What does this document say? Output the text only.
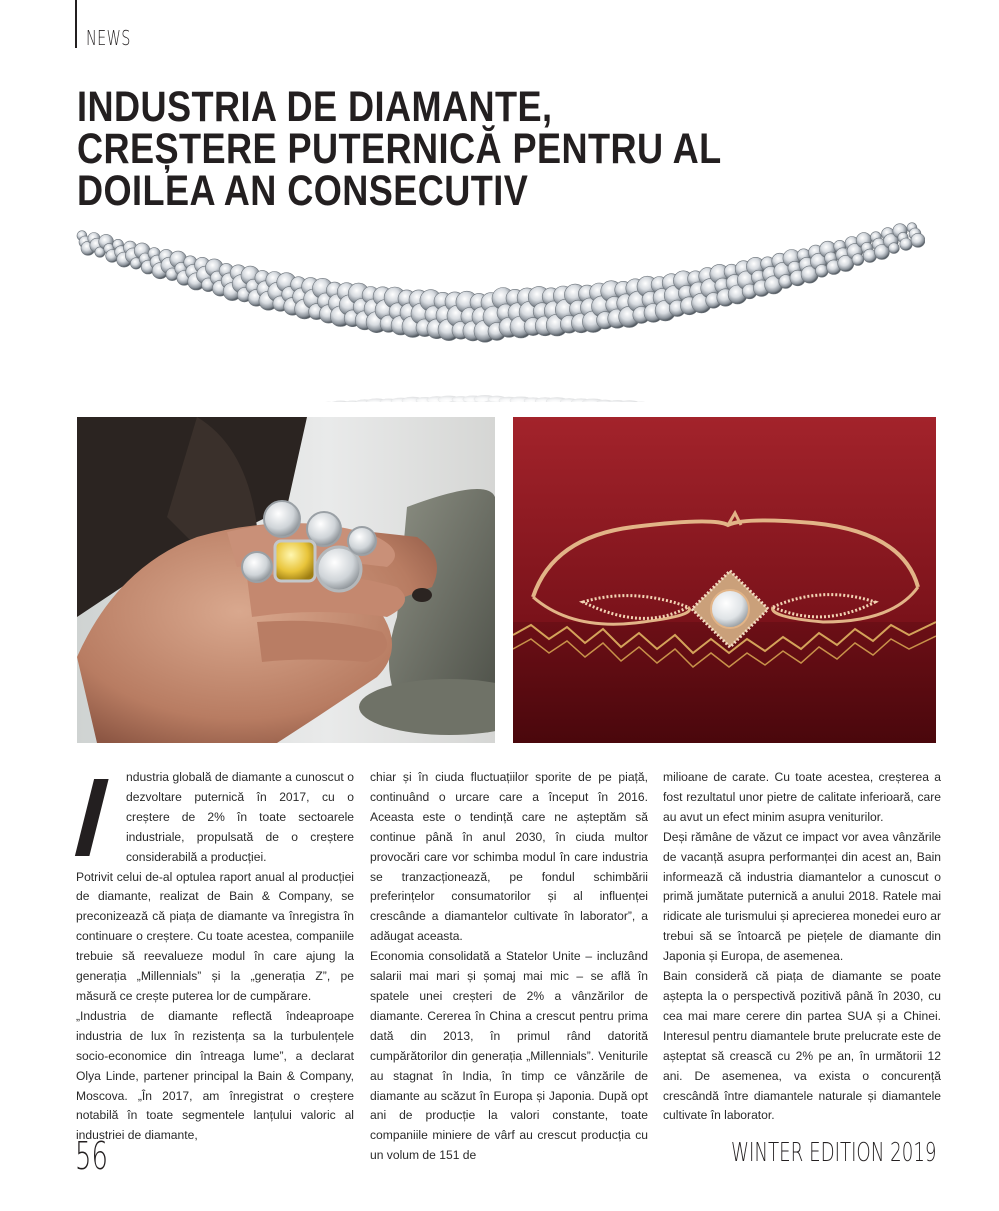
NEWS
INDUSTRIA DE DIAMANTE,
CREȘTERE PUTERNICĂ PENTRU AL
DOILEA AN CONSECUTIV
I ndustria globală de diamante a cunoscut o dezvoltare puternică în 2017, cu o creștere de 2% în toate sectoarele industriale, propulsată de o creștere considerabilă a producției.

Potrivit celui de-al optulea raport anual al producției de diamante, realizat de Bain & Company, se preconizează că piața de diamante va înregistra în continuare o creștere. Cu toate acestea, companiile trebuie să reevalueze modul în care ajung la generația „Millennials” și la „generația Z”, pe măsură ce crește puterea lor de cumpărare.

„Industria de diamante reflectă îndeaproape industria de lux în rezistența sa la turbulențele socio-economice din întreaga lume”, a declarat Olya Linde, partener principal la Bain & Company, Moscova. „În 2017, am înregistrat o creștere notabilă în toate segmentele lanțului valoric al industriei de diamante,

chiar și în ciuda fluctuațiilor sporite de pe piață, continuând o urcare care a început în 2016. Aceasta este o tendință care ne așteptăm să continue până în anul 2030, în ciuda multor provocări care vor schimba modul în care industria se tranzacționează, pe fondul schimbării preferințelor consumatorilor și al influenței crescânde a diamantelor cultivate în laborator”, a adăugat aceasta.

Economia consolidată a Statelor Unite – incluzând salarii mai mari și șomaj mai mic – se află în spatele unei creșteri de 2% a vânzărilor de diamante. Cererea în China a crescut pentru prima dată din 2013, în primul rând datorită cumpărătorilor din generația „Millennials”. Veniturile au stagnat în India, în timp ce vânzările de diamante au scăzut în Europa și Japonia. După opt ani de producție la valori constante, toate companiile miniere de vârf au crescut producția cu un volum de 151 de

milioane de carate. Cu toate acestea, creșterea a fost rezultatul unor pietre de calitate inferioară, care au avut un efect minim asupra veniturilor.

Deși rămâne de văzut ce impact vor avea vânzările de vacanță asupra performanței din acest an, Bain informează că industria diamantelor a cunoscut o primă jumătate puternică a anului 2018. Ratele mai ridicate ale turismului și aprecierea monedei euro ar trebui să se întoarcă pe piețele de diamante din Japonia și Europa, de asemenea.

Bain consideră că piața de diamante se poate aștepta la o perspectivă pozitivă până în 2030, cu cea mai mare cerere din partea SUA și a Chinei. Interesul pentru diamantele brute prelucrate este de așteptat să crească cu 2% pe an, în următorii 12 ani. De asemenea, va exista o concurență crescândă între diamantele naturale și diamantele cultivate în laborator.

56	WINTER EDITION 2019
